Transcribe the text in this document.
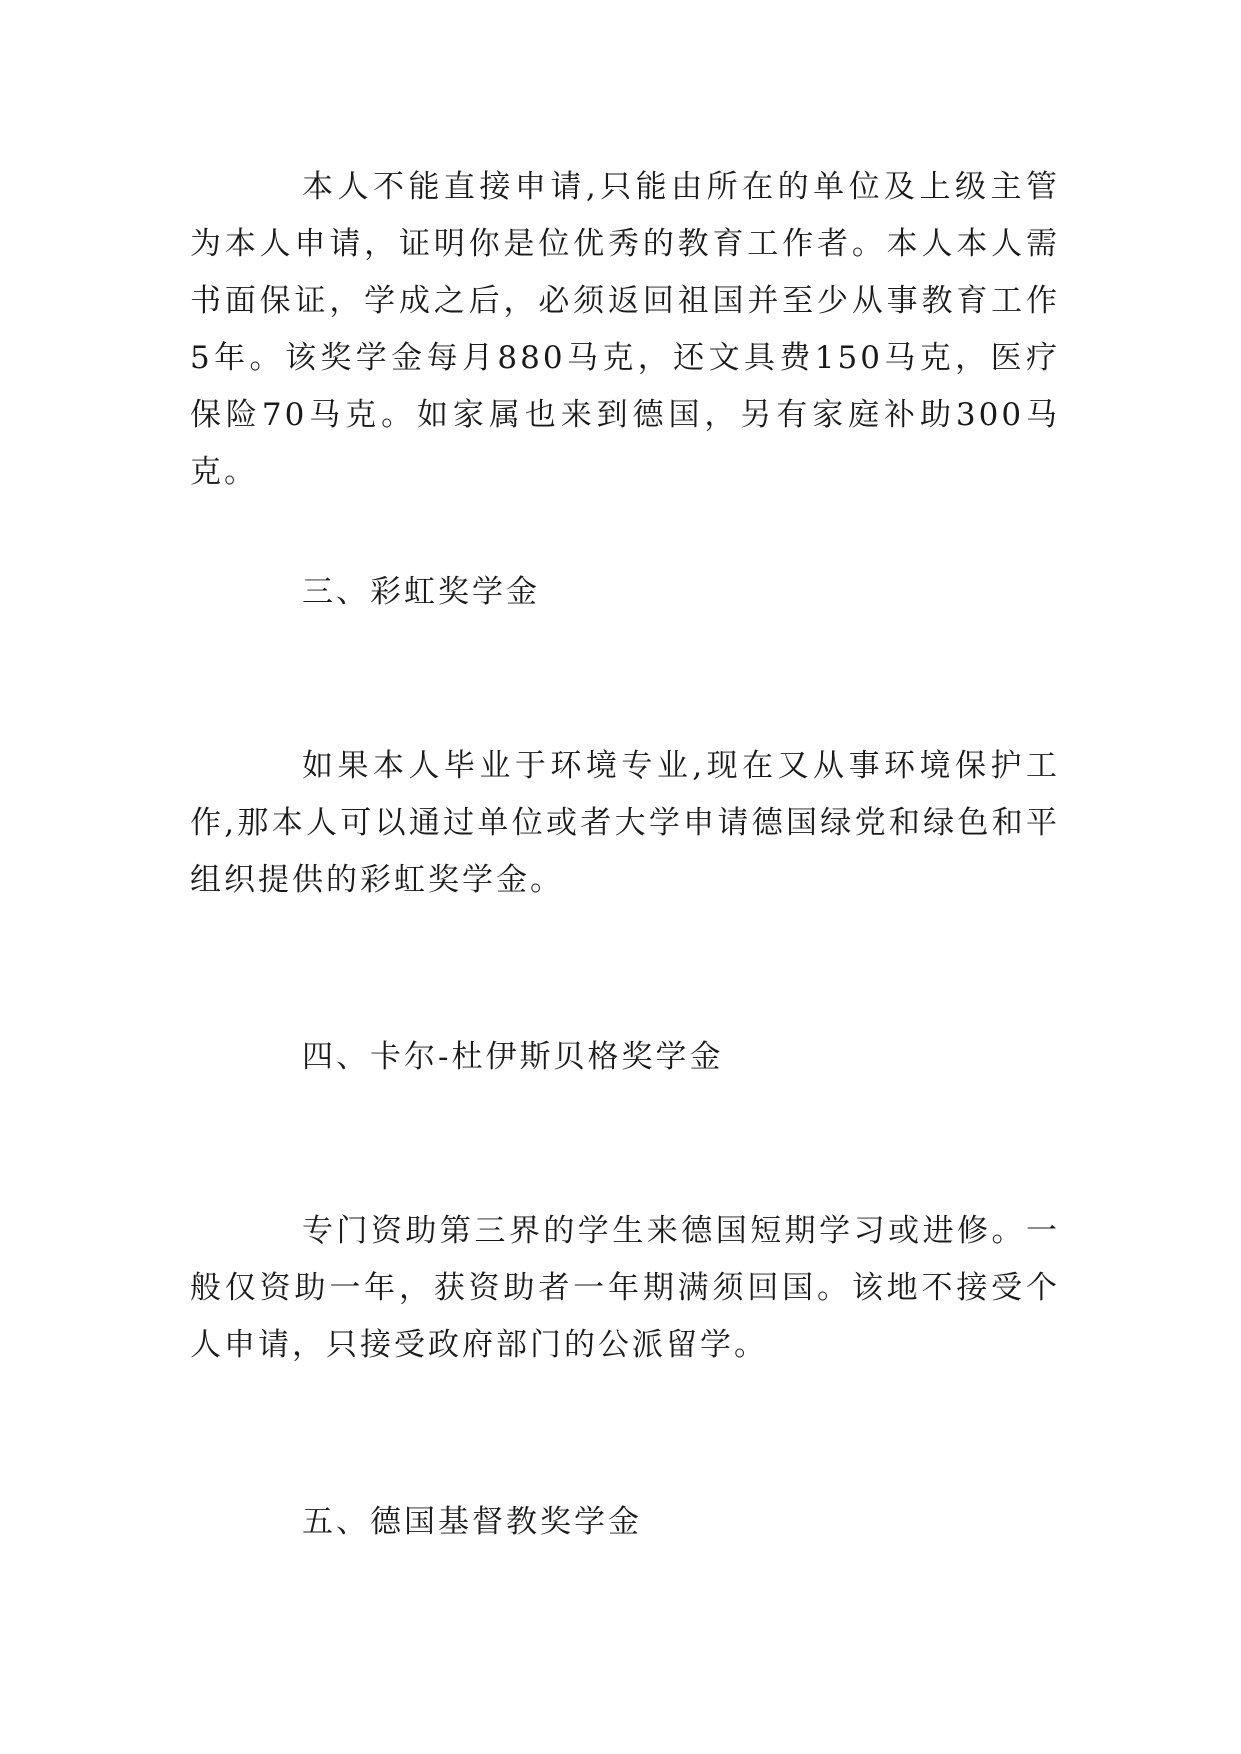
本人不能直接申请,只能由所在的单位及上级主管为本人申请，证明你是位优秀的教育工作者。本人本人需书面保证，学成之后，必须返回祖国并至少从事教育工作5年。该奖学金每月880马克，还文具费150马克，医疗保险70马克。如家属也来到德国，另有家庭补助300马克。

三、彩虹奖学金

如果本人毕业于环境专业,现在又从事环境保护工作,那本人可以通过单位或者大学申请德国绿党和绿色和平组织提供的彩虹奖学金。

四、卡尔-杜伊斯贝格奖学金

专门资助第三界的学生来德国短期学习或进修。一般仅资助一年，获资助者一年期满须回国。该地不接受个人申请，只接受政府部门的公派留学。

五、德国基督教奖学金
